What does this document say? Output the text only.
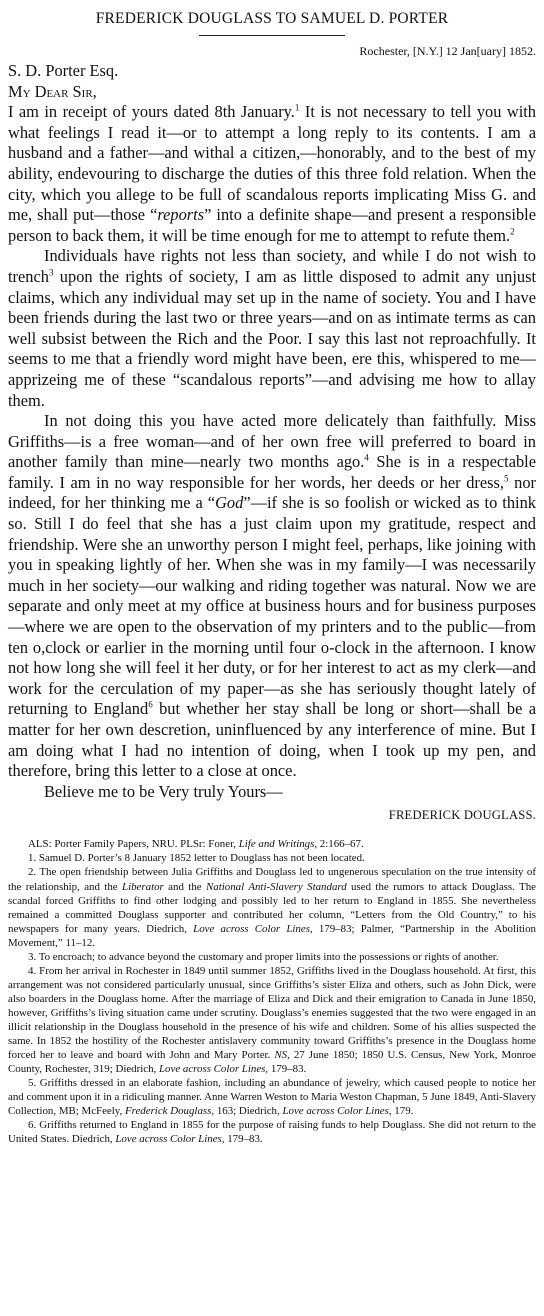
FREDERICK DOUGLASS TO SAMUEL D. PORTER
Rochester, [N.Y.] 12 Jan[uary] 1852.
S. D. Porter Esq.
My Dear Sir,

I am in receipt of yours dated 8th January.$^1$ It is not necessary to tell you with what feelings I read it—or to attempt a long reply to its contents. I am a husband and a father—and withal a citizen,—honorably, and to the best of my ability, endevouring to discharge the duties of this three fold relation. When the city, which you allege to be full of scandalous reports implicating Miss G. and me, shall put—those “reports” into a definite shape—and present a responsible person to back them, it will be time enough for me to attempt to refute them.$^2$

Individuals have rights not less than society, and while I do not wish to trench$^3$ upon the rights of society, I am as little disposed to admit any unjust claims, which any individual may set up in the name of society. You and I have been friends during the last two or three years—and on as intimate terms as can well subsist between the Rich and the Poor. I say this last not reproachfully. It seems to me that a friendly word might have been, ere this, whispered to me—apprizeing me of these “scandalous reports”—and advising me how to allay them.

In not doing this you have acted more delicately than faithfully. Miss Griffiths—is a free woman—and of her own free will preferred to board in another family than mine—nearly two months ago.$^4$ She is in a respectable family. I am in no way responsible for her words, her deeds or her dress,$^5$ nor indeed, for her thinking me a “God”—if she is so foolish or wicked as to think so. Still I do feel that she has a just claim upon my gratitude, respect and friendship. Were she an unworthy person I might feel, perhaps, like joining with you in speaking lightly of her. When she was in my family—I was necessarily much in her society—our walking and riding together was natural. Now we are separate and only meet at my office at business hours and for business purposes—where we are open to the observation of my printers and to the public—from ten o,clock or earlier in the morning until four o-clock in the afternoon. I know not how long she will feel it her duty, or for her interest to act as my clerk—and work for the cerculation of my paper—as she has seriously thought lately of returning to England$^6$ but whether her stay shall be long or short—shall be a matter for her own descretion, uninfluenced by any interference of mine. But I am doing what I had no intention of doing, when I took up my pen, and therefore, bring this letter to a close at once.

Believe me to be Very truly Yours—
FREDERICK DOUGLASS.

ALS: Porter Family Papers, NRU. PLSr: Foner, Life and Writings, 2:166–67.

1. Samuel D. Porter’s 8 January 1852 letter to Douglass has not been located.

2. The open friendship between Julia Griffiths and Douglass led to ungenerous speculation on the true intensity of the relationship, and the Liberator and the National Anti-Slavery Standard used the rumors to attack Douglass. The scandal forced Griffiths to find other lodging and possibly led to her return to England in 1855. She nevertheless remained a committed Douglass supporter and contributed her column, “Letters from the Old Country,” to his newspapers for many years. Diedrich, Love across Color Lines, 179–83; Palmer, “Partnership in the Abolition Movement,” 11–12.

3. To encroach; to advance beyond the customary and proper limits into the possessions or rights of another.

4. From her arrival in Rochester in 1849 until summer 1852, Griffiths lived in the Douglass household. At first, this arrangement was not considered particularly unusual, since Griffiths’s sister Eliza and others, such as John Dick, were also boarders in the Douglass home. After the marriage of Eliza and Dick and their emigration to Canada in June 1850, however, Griffiths’s living situation came under scrutiny. Douglass’s enemies suggested that the two were engaged in an illicit relationship in the Douglass household in the presence of his wife and children. Some of his allies suspected the same. In 1852 the hostility of the Rochester antislavery community toward Griffiths’s presence in the Douglass home forced her to leave and board with John and Mary Porter. NS, 27 June 1850; 1850 U.S. Census, New York, Monroe County, Rochester, 319; Diedrich, Love across Color Lines, 179–83.

5. Griffiths dressed in an elaborate fashion, including an abundance of jewelry, which caused people to notice her and comment upon it in a ridiculing manner. Anne Warren Weston to Maria Weston Chapman, 5 June 1849, Anti-Slavery Collection, MB; McFeely, Frederick Douglass, 163; Diedrich, Love across Color Lines, 179.

6. Griffiths returned to England in 1855 for the purpose of raising funds to help Douglass. She did not return to the United States. Diedrich, Love across Color Lines, 179–83.
